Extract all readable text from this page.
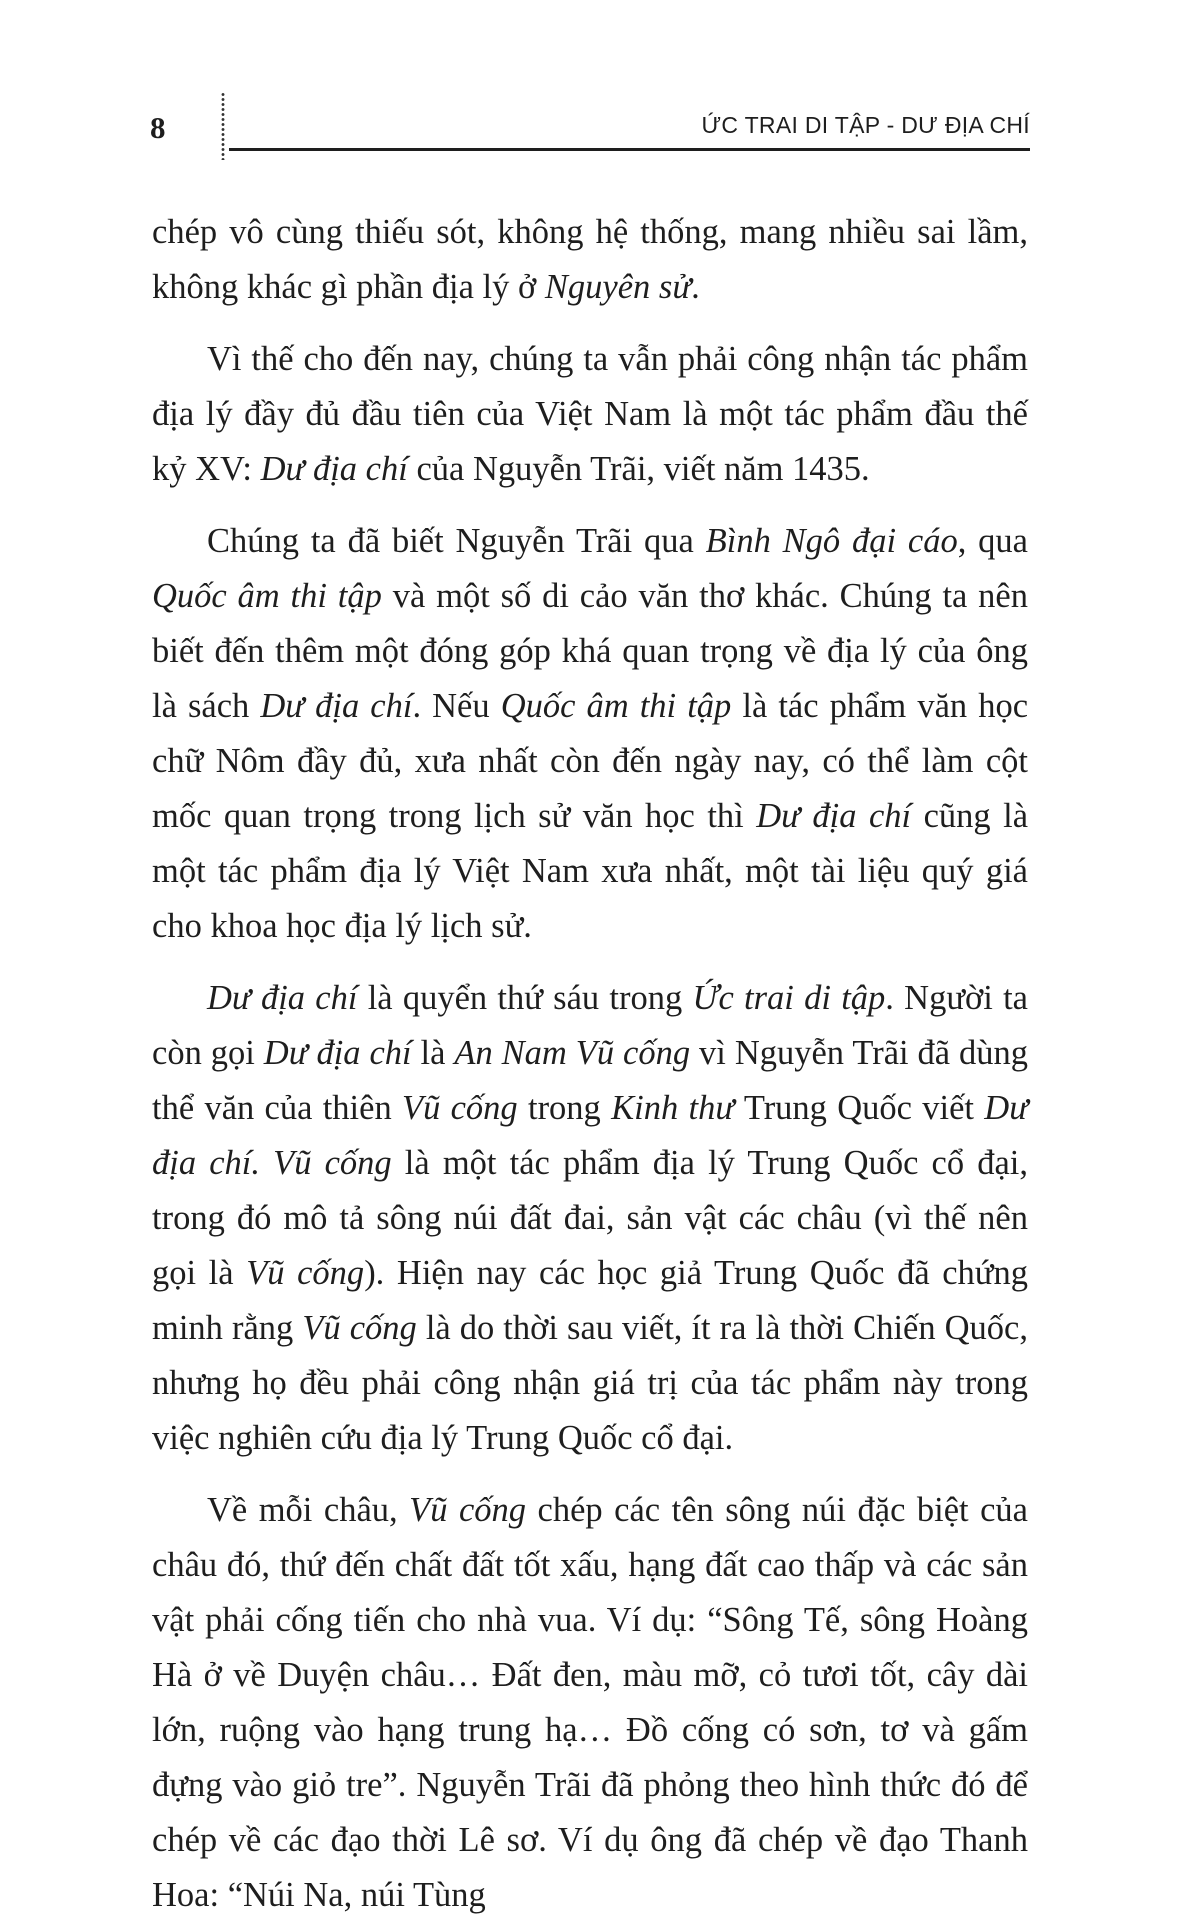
8	ỨC TRAI DI TẬP - DƯ ĐỊA CHÍ

chép vô cùng thiếu sót, không hệ thống, mang nhiều sai lầm, không khác gì phần địa lý ở Nguyên sử.

Vì thế cho đến nay, chúng ta vẫn phải công nhận tác phẩm địa lý đầy đủ đầu tiên của Việt Nam là một tác phẩm đầu thế kỷ XV: Dư địa chí của Nguyễn Trãi, viết năm 1435.

Chúng ta đã biết Nguyễn Trãi qua Bình Ngô đại cáo, qua Quốc âm thi tập và một số di cảo văn thơ khác. Chúng ta nên biết đến thêm một đóng góp khá quan trọng về địa lý của ông là sách Dư địa chí. Nếu Quốc âm thi tập là tác phẩm văn học chữ Nôm đầy đủ, xưa nhất còn đến ngày nay, có thể làm cột mốc quan trọng trong lịch sử văn học thì Dư địa chí cũng là một tác phẩm địa lý Việt Nam xưa nhất, một tài liệu quý giá cho khoa học địa lý lịch sử.

Dư địa chí là quyển thứ sáu trong Ức trai di tập. Người ta còn gọi Dư địa chí là An Nam Vũ cống vì Nguyễn Trãi đã dùng thể văn của thiên Vũ cống trong Kinh thư Trung Quốc viết Dư địa chí. Vũ cống là một tác phẩm địa lý Trung Quốc cổ đại, trong đó mô tả sông núi đất đai, sản vật các châu (vì thế nên gọi là Vũ cống). Hiện nay các học giả Trung Quốc đã chứng minh rằng Vũ cống là do thời sau viết, ít ra là thời Chiến Quốc, nhưng họ đều phải công nhận giá trị của tác phẩm này trong việc nghiên cứu địa lý Trung Quốc cổ đại.

Về mỗi châu, Vũ cống chép các tên sông núi đặc biệt của châu đó, thứ đến chất đất tốt xấu, hạng đất cao thấp và các sản vật phải cống tiến cho nhà vua. Ví dụ: “Sông Tế, sông Hoàng Hà ở về Duyện châu… Đất đen, màu mỡ, cỏ tươi tốt, cây dài lớn, ruộng vào hạng trung hạ… Đồ cống có sơn, tơ và gấm đựng vào giỏ tre”. Nguyễn Trãi đã phỏng theo hình thức đó để chép về các đạo thời Lê sơ. Ví dụ ông đã chép về đạo Thanh Hoa: “Núi Na, núi Tùng
